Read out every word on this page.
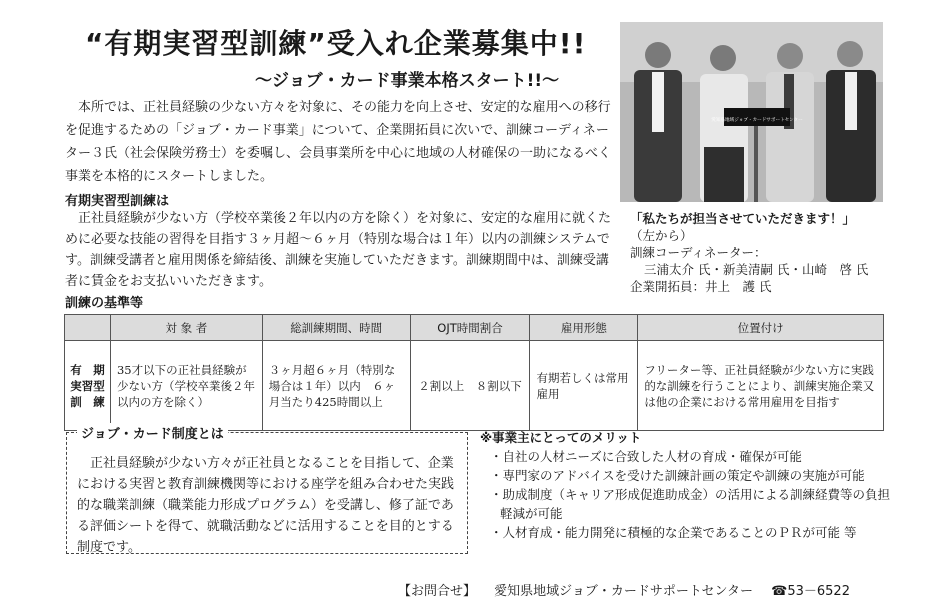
“有期実習型訓練”受入れ企業募集中!!
～ジョブ・カード事業本格スタート!!～

本所では、正社員経験の少ない方々を対象に、その能力を向上させ、安定的な雇用への移行を促進するための「ジョブ・カード事業」について、企業開拓員に次いで、訓練コーディネーター３氏（社会保険労務士）を委嘱し、会員事業所を中心に地域の人材確保の一助になるべく事業を本格的にスタートしました。

有期実習型訓練は

正社員経験が少ない方（学校卒業後２年以内の方を除く）を対象に、安定的な雇用に就くために必要な技能の習得を目指す３ヶ月超～６ヶ月（特別な場合は１年）以内の訓練システムです。訓練受講者と雇用関係を締結後、訓練を実施していただきます。訓練期間中は、訓練受講者に賃金をお支払いいただきます。

愛知県地域ジョブ・カードサポートセンター
「私たちが担当させていただきます！」
（左から）
訓練コーディネーター：
三浦太介 氏・新美清嗣 氏・山崎　啓 氏
企業開拓員：井上　護 氏
訓練の基準等
	対 象 者	総訓練期間、時間	OJT時間割合	雇用形態	位置付け

有　期
実習型
訓　練	35才以下の正社員経験が少ない方（学校卒業後２年以内の方を除く）	３ヶ月超６ヶ月（特別な場合は１年）以内　６ヶ月当たり425時間以上	２割以上　８割以下	有期若しくは常用雇用	フリーター等、正社員経験が少ない方に実践的な訓練を行うことにより、訓練実施企業又は他の企業における常用雇用を目指す
ジョブ・カード制度とは

正社員経験が少ない方々が正社員となることを目指して、企業における実習と教育訓練機関等における座学を組み合わせた実践的な職業訓練（職業能力形成プログラム）を受講し、修了証である評価シートを得て、就職活動などに活用することを目的とする制度です。

※事業主にとってのメリット
・ 自社の人材ニーズに合致した人材の育成・確保が可能
・ 専門家のアドバイスを受けた訓練計画の策定や訓練の実施が可能
・ 助成制度（キャリア形成促進助成金）の活用による訓練経費等の負担軽減が可能
・ 人材育成・能力開発に積極的な企業であることのＰＲが可能 等
【お問合せ】 愛知県地域ジョブ・カードサポートセンター ☎53－6522
